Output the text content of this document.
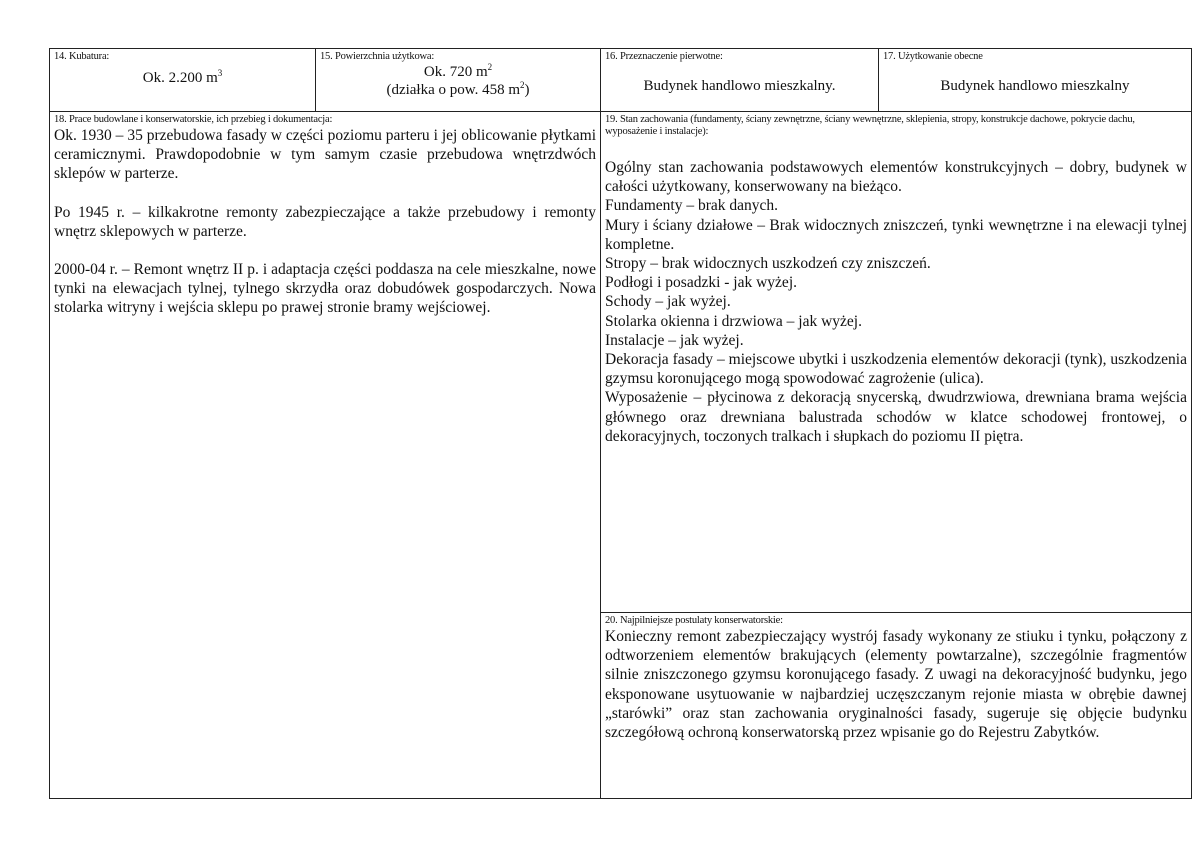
14. Kubatura:
Ok. 2.200 $m^3$
15. Powierzchnia użytkowa:
Ok. 720 $m^2$
(działka o pow. 458 $m^2$)
16. Przeznaczenie pierwotne:
Budynek handlowo mieszkalny.
17. Użytkowanie obecne
Budynek handlowo mieszkalny
18. Prace budowlane i konserwatorskie, ich przebieg i dokumentacja:

Ok. 1930 – 35 przebudowa fasady w części poziomu parteru i jej oblicowanie płytkami ceramicznymi. Prawdopodobnie w tym samym czasie przebudowa wnętrzdwóch sklepów w parterze.

Po 1945 r. – kilkakrotne remonty zabezpieczające a także przebudowy i remonty wnętrz sklepowych w parterze.

2000-04 r. – Remont wnętrz II p. i adaptacja części poddasza na cele mieszkalne, nowe tynki na elewacjach tylnej, tylnego skrzydła oraz dobudówek gospodarczych. Nowa stolarka witryny i wejścia sklepu po prawej stronie bramy wejściowej.

19. Stan zachowania (fundamenty, ściany zewnętrzne, ściany wewnętrzne, sklepienia, stropy, konstrukcje dachowe, pokrycie dachu, wyposażenie i instalacje):

Ogólny stan zachowania podstawowych elementów konstrukcyjnych – dobry, budynek w całości użytkowany, konserwowany na bieżąco.

Fundamenty – brak danych.

Mury i ściany działowe – Brak widocznych zniszczeń, tynki wewnętrzne i na elewacji tylnej kompletne.

Stropy – brak widocznych uszkodzeń czy zniszczeń.

Podłogi i posadzki - jak wyżej.

Schody – jak wyżej.

Stolarka okienna i drzwiowa – jak wyżej.

Instalacje – jak wyżej.

Dekoracja fasady – miejscowe ubytki i uszkodzenia elementów dekoracji (tynk), uszkodzenia gzymsu koronującego mogą spowodować zagrożenie (ulica).

Wyposażenie – płycinowa z dekoracją snycerską, dwudrzwiowa, drewniana brama wejścia głównego oraz drewniana balustrada schodów w klatce schodowej frontowej, o dekoracyjnych, toczonych tralkach i słupkach do poziomu II piętra.

20. Najpilniejsze postulaty konserwatorskie:

Konieczny remont zabezpieczający wystrój fasady wykonany ze stiuku i tynku, połączony z odtworzeniem elementów brakujących (elementy powtarzalne), szczególnie fragmentów silnie zniszczonego gzymsu koronującego fasady. Z uwagi na dekoracyjność budynku, jego eksponowane usytuowanie w najbardziej uczęszczanym rejonie miasta w obrębie dawnej „starówki” oraz stan zachowania oryginalności fasady, sugeruje się objęcie budynku szczegółową ochroną konserwatorską przez wpisanie go do Rejestru Zabytków.
